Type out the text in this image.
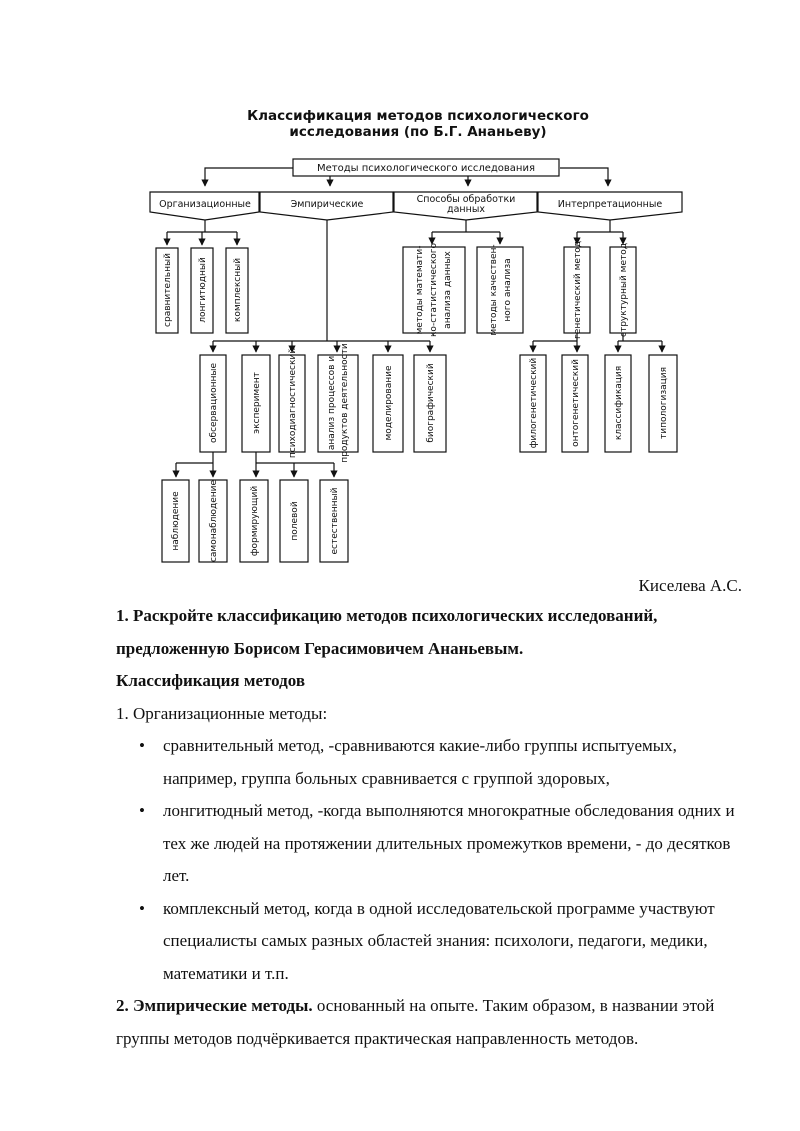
Классификация методов психологического
исследования (по Б.Г. Ананьеву)
Методы психологического исследования
Организационные	Эмпирические	Способы обработки
данных	Интерпретационные
сравнительный	лонгитюдный	комплексный	методы математи- ко-статистического анализа данных	методы качествен- ного анализа	генетический метод	структурный метод
обсервационные	эксперимент	психодиагностический	анализ процессов и продуктов деятельности	моделирование	биографический	филогенетический	онтогенетический	классификация	типологизация
наблюдение	самонаблюдение	формирующий	полевой	естественный
Киселева А.С.

1. Раскройте классификацию методов психологических исследований, предложенную Борисом Герасимовичем Ананьевым.

Классификация методов

1. Организационные методы:

• сравнительный метод, -сравниваются какие-либо группы испытуемых, например, группа больных сравнивается с группой здоровых,
• лонгитюдный метод, -когда выполняются многократные обследования одних и тех же людей на протяжении длительных промежутков времени, - до десятков лет.
• комплексный метод, когда в одной исследовательской программе участвуют специалисты самых разных областей знания: психологи, педагоги, медики, математики и т.п.

2. Эмпирические методы. основанный на опыте. Таким образом, в названии этой группы методов подчёркивается практическая направленность методов.
